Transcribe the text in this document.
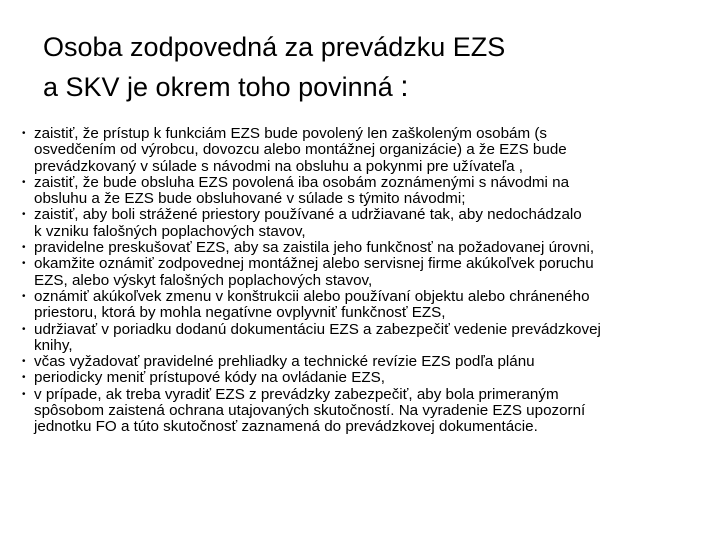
Osoba zodpovedná za prevádzku EZS
a SKV je okrem toho povinná :
• zaistiť, že prístup k funkciám EZS bude povolený len zaškoleným osobám (s
osvedčením od výrobcu, dovozcu alebo montážnej organizácie) a že EZS bude
prevádzkovaný v súlade s návodmi na obsluhu a pokynmi pre užívateľa ,
• zaistiť, že bude obsluha EZS povolená iba osobám zoznámenými s návodmi na
obsluhu a že EZS bude obsluhované v súlade s týmito návodmi;
• zaistiť, aby boli strážené priestory používané a udržiavané tak, aby nedochádzalo
k vzniku falošných poplachových stavov,
• pravidelne preskušovať EZS, aby sa zaistila jeho funkčnosť na požadovanej úrovni,
• okamžite oznámiť zodpovednej montážnej alebo servisnej firme akúkoľvek poruchu
EZS, alebo výskyt falošných poplachových stavov,
• oznámiť akúkoľvek zmenu v konštrukcii alebo používaní objektu alebo chráneného
priestoru, ktorá by mohla negatívne ovplyvniť funkčnosť EZS,
• udržiavať v poriadku dodanú dokumentáciu EZS a zabezpečiť vedenie prevádzkovej
knihy,
• včas vyžadovať pravidelné prehliadky a technické revízie EZS podľa plánu
• periodicky meniť prístupové kódy na ovládanie EZS,
• v prípade, ak treba vyradiť EZS z prevádzky zabezpečiť, aby bola primeraným
spôsobom zaistená ochrana utajovaných skutočností. Na vyradenie EZS upozorní
jednotku FO a túto skutočnosť zaznamená do prevádzkovej dokumentácie.
